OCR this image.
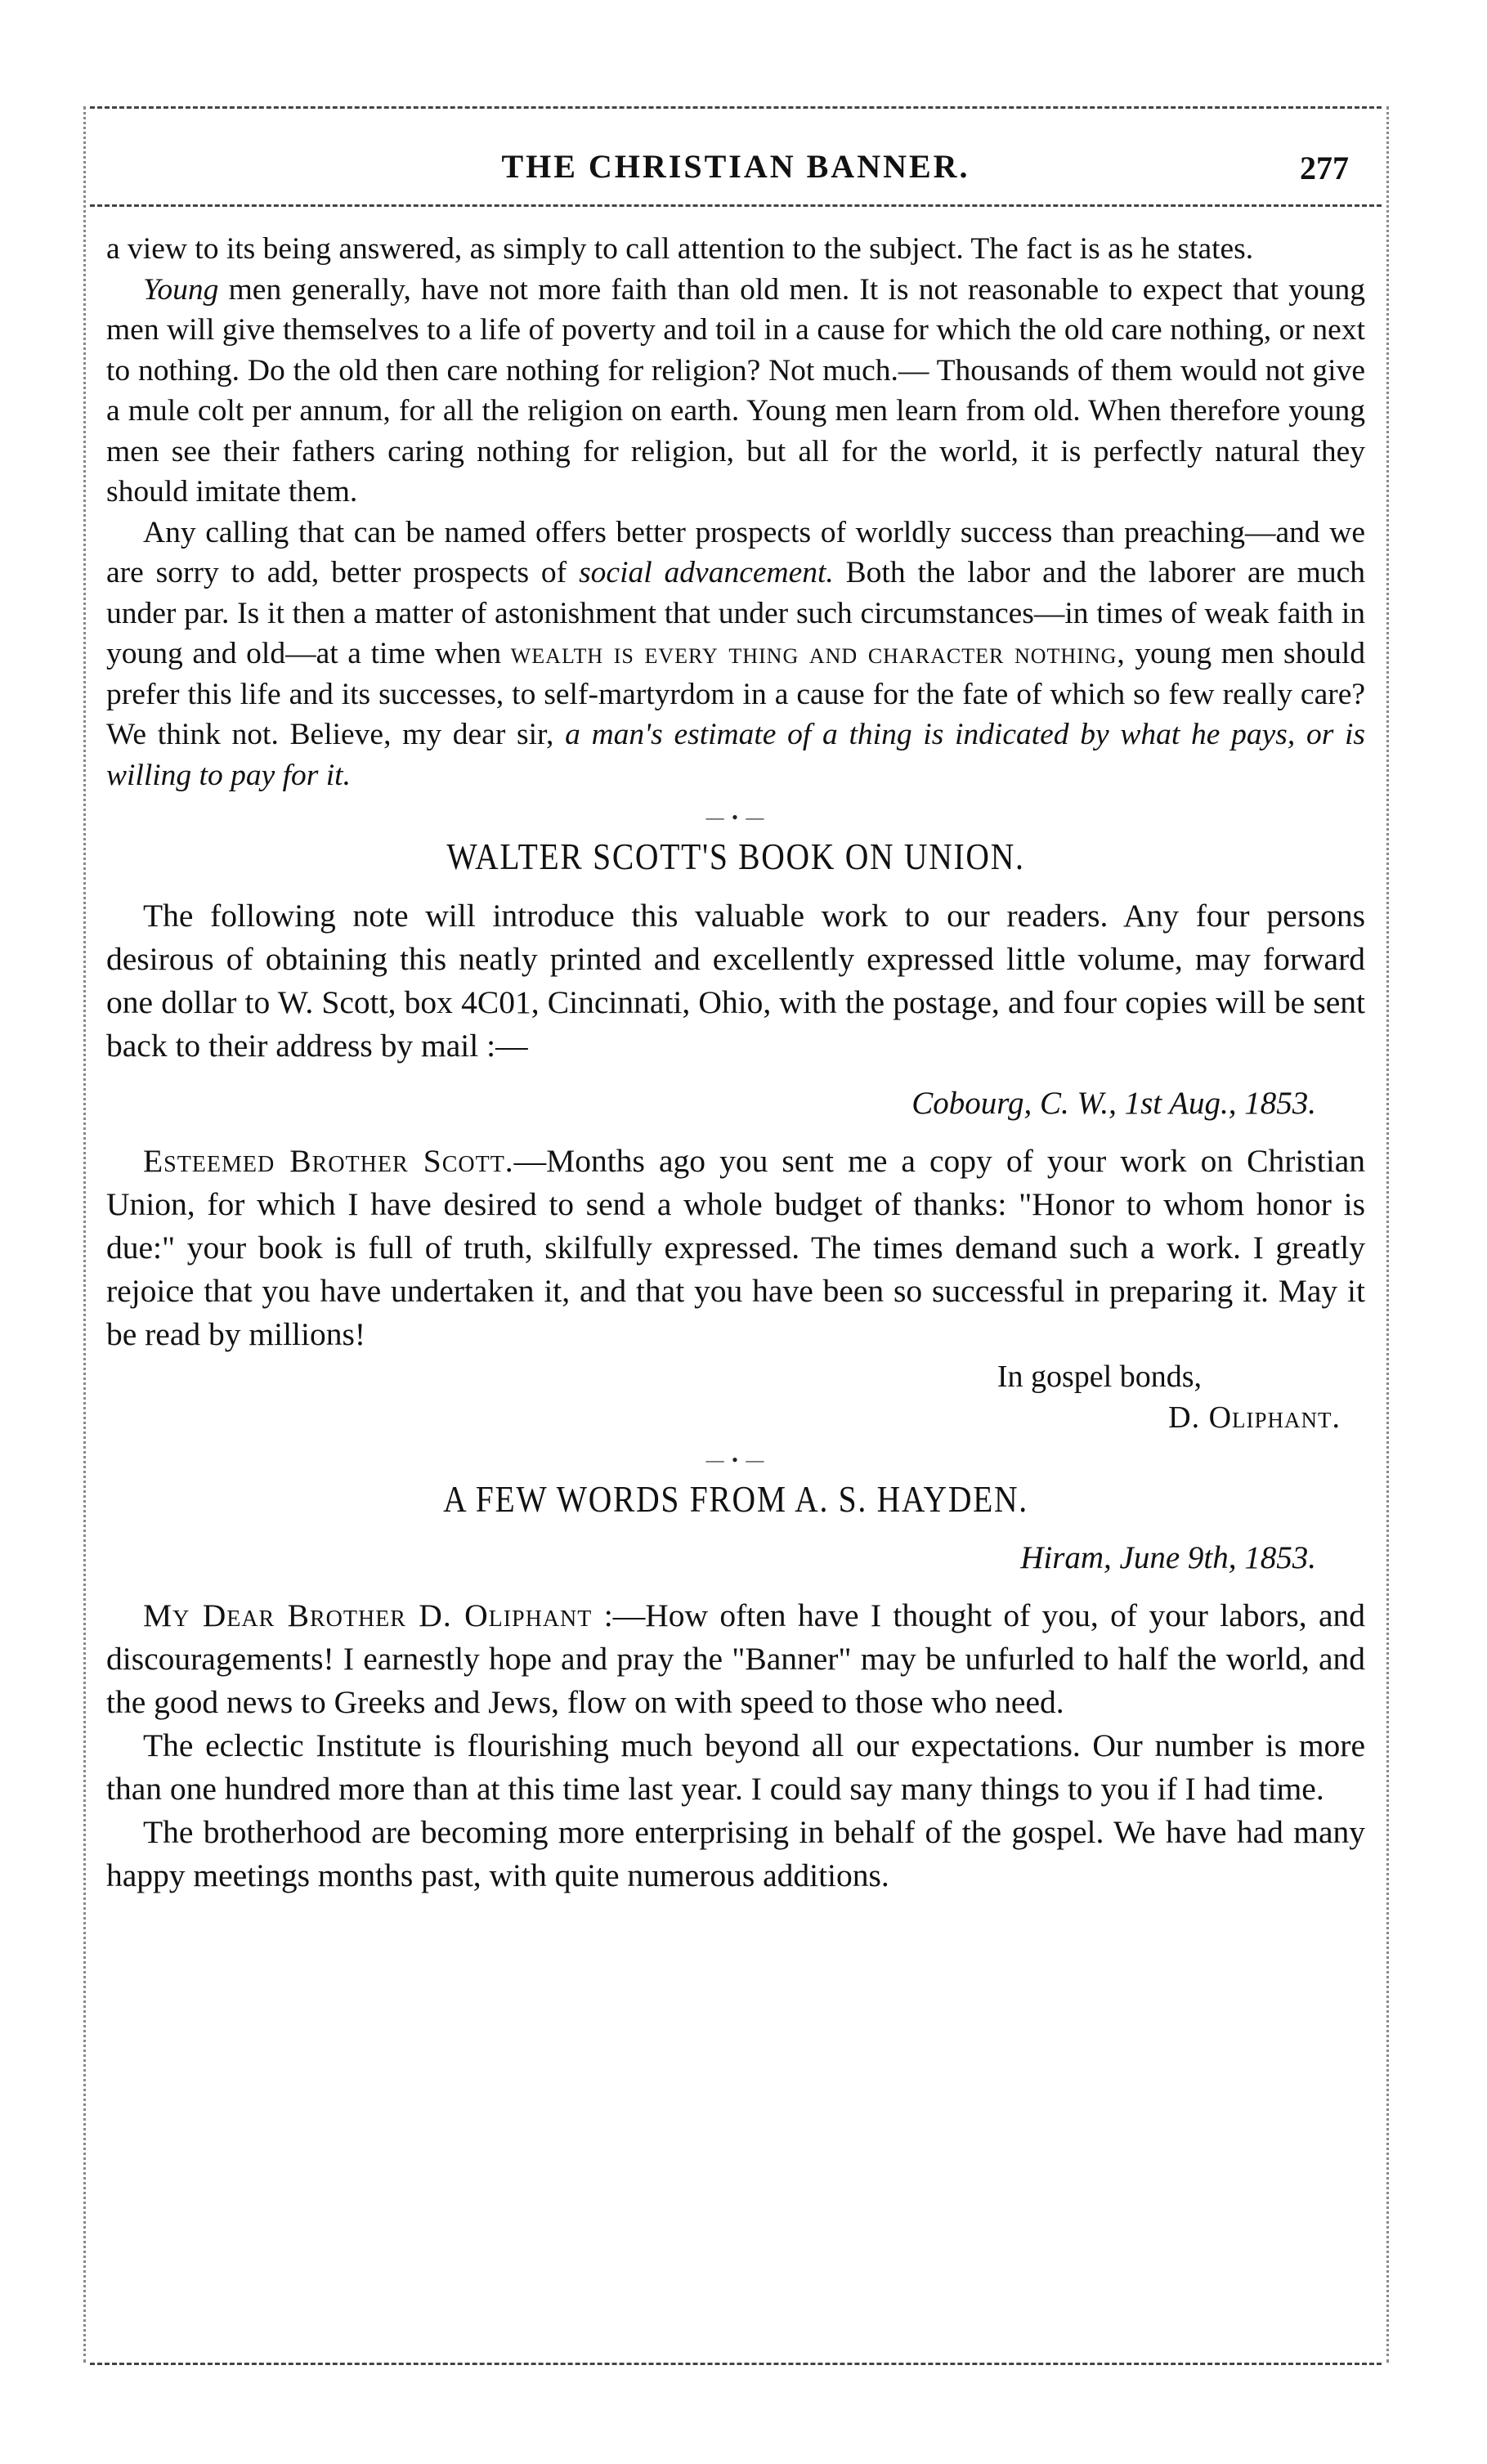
THE CHRISTIAN BANNER.	277

a view to its being answered, as simply to call attention to the subject. The fact is as he states.

Young men generally, have not more faith than old men. It is not reasonable to expect that young men will give themselves to a life of poverty and toil in a cause for which the old care nothing, or next to nothing. Do the old then care nothing for religion? Not much.— Thousands of them would not give a mule colt per annum, for all the religion on earth. Young men learn from old. When therefore young men see their fathers caring nothing for religion, but all for the world, it is perfectly natural they should imitate them.

Any calling that can be named offers better prospects of worldly success than preaching—and we are sorry to add, better prospects of social advancement. Both the labor and the laborer are much under par. Is it then a matter of astonishment that under such circumstances—in times of weak faith in young and old—at a time when wealth is every thing and character nothing, young men should prefer this life and its successes, to self-martyrdom in a cause for the fate of which so few really care? We think not. Believe, my dear sir, a man's estimate of a thing is indicated by what he pays, or is willing to pay for it.

— • —
WALTER SCOTT'S BOOK ON UNION.

The following note will introduce this valuable work to our readers. Any four persons desirous of obtaining this neatly printed and excellently expressed little volume, may forward one dollar to W. Scott, box 4C01, Cincinnati, Ohio, with the postage, and four copies will be sent back to their address by mail :—

Cobourg, C. W., 1st Aug., 1853.

Esteemed Brother Scott.—Months ago you sent me a copy of your work on Christian Union, for which I have desired to send a whole budget of thanks: "Honor to whom honor is due:" your book is full of truth, skilfully expressed. The times demand such a work. I greatly rejoice that you have undertaken it, and that you have been so successful in preparing it. May it be read by millions!

In gospel bonds,

D. Oliphant.

— • —
A FEW WORDS FROM A. S. HAYDEN.
Hiram, June 9th, 1853.

My Dear Brother D. Oliphant :—How often have I thought of you, of your labors, and discouragements! I earnestly hope and pray the "Banner" may be unfurled to half the world, and the good news to Greeks and Jews, flow on with speed to those who need.

The eclectic Institute is flourishing much beyond all our expectations. Our number is more than one hundred more than at this time last year. I could say many things to you if I had time.

The brotherhood are becoming more enterprising in behalf of the gospel. We have had many happy meetings months past, with quite numerous additions.
